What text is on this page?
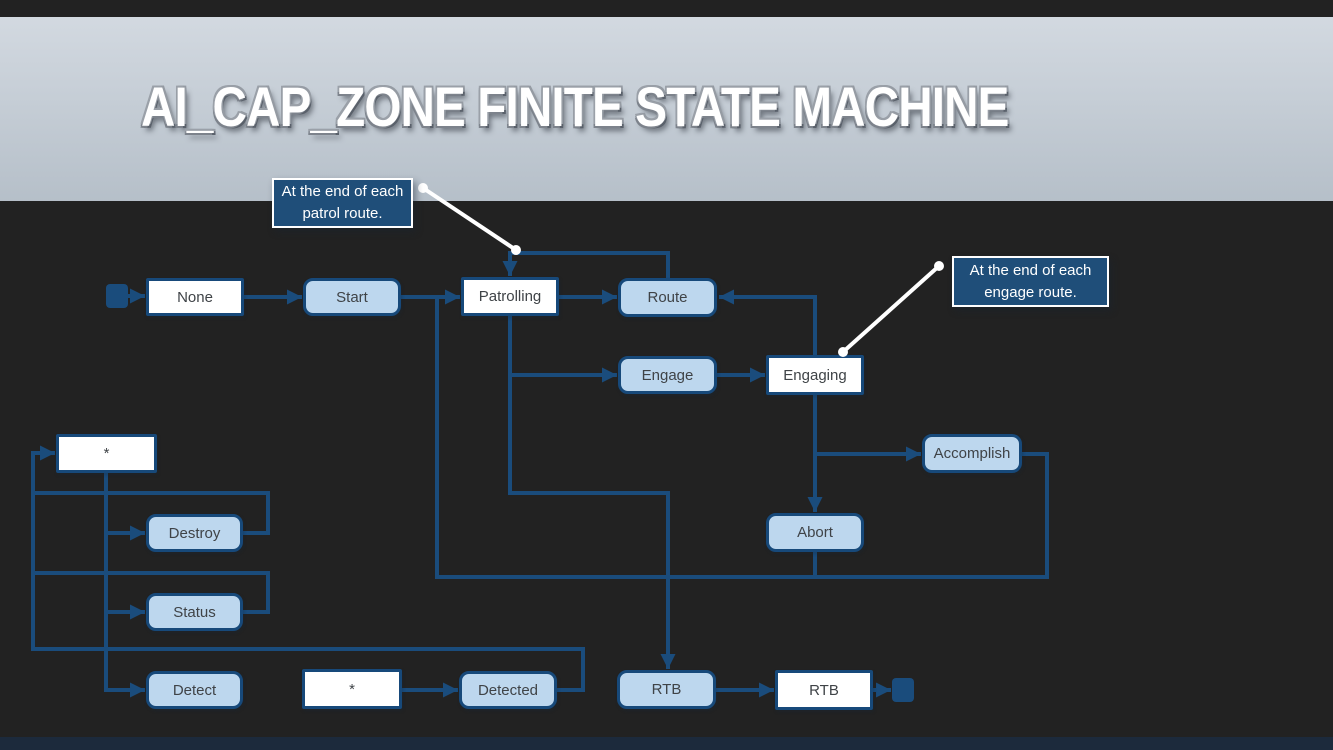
AI_CAP_ZONE FINITE STATE MACHINE
None	Start	Patrolling	Route
Engage	Engaging
Accomplish
Abort
*
Destroy
Status
Detect	*	Detected	RTB	RTB
At the end of each patrol route.
At the end of each engage route.
